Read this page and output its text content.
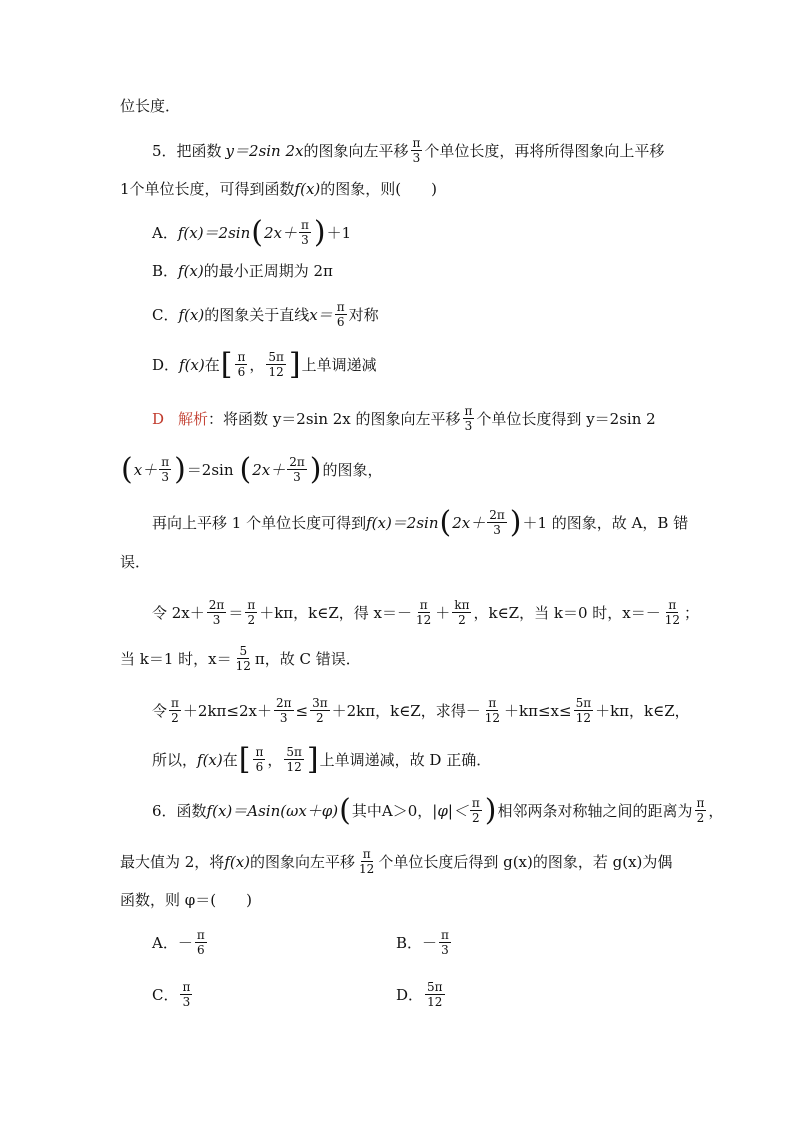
位长度．
5．把函数 y＝2sin 2x 的图象向左平移 $\frac{\pi}{3}$ 个单位长度，再将所得图象向上平移
1个单位长度，可得到函数 f(x) 的图象，则(　　)
A． f(x)＝2sin ( $2x+ \frac{\pi}{3}$ ) ＋1
B． f(x) 的最小正周期为 2π
C． f(x) 的图象关于直线 $x= \frac{\pi}{6}$ 对称
D． f(x) 在 [ $\frac{\pi}{6}$ ， $\frac{5\pi}{12}$ ] 上单调递减
D 解析 ：将函数 y＝2sin 2x 的图象向左平移 $\frac{\pi}{3}$ 个单位长度得到 y＝2sin 2
( $x+ \frac{\pi}{3}$ ) ＝2sin ( $2x+ \frac{2\pi}{3}$ ) 的图象，
再向上平移 1 个单位长度可得到 f(x)＝2sin ( $2x+ \frac{2\pi}{3}$ ) ＋1 的图象，故 A，B 错
误．
令 $2x+ \frac{2\pi}{3} = \frac{\pi}{2} +k\pi$，k∈Z，得 $x=- \frac{\pi}{12} + \frac{k\pi}{2}$ ，k∈Z，当 k＝0 时，$x=- \frac{\pi}{12}$ ；
当 k＝1 时，$x= \frac{5}{12}$ π，故 C 错误．
令 $\frac{\pi}{2} +2k\pi\le 2x+ \frac{2\pi}{3} \le \frac{3\pi}{2} +2k\pi$，k∈Z，求得－ $\frac{\pi}{12} +k\pi\le x\le \frac{5\pi}{12} +k\pi$，k∈Z，
所以， f(x) 在 [ $\frac{\pi}{6}$ ， $\frac{5\pi}{12}$ ] 上单调递减，故 D 正确．
6．函数 f(x)＝Asin(ωx＋φ) ( 其中A＞0， $|\varphi|< \frac{\pi}{2}$ ) 相邻两条对称轴之间的距离为 $\frac{\pi}{2}$ ，
最大值为 2，将 f(x) 的图象向左平移 $\frac{\pi}{12}$ 个单位长度后得到 g(x)的图象，若 g(x)为偶
函数，则 φ＝(　　)
A．－ $\frac{\pi}{6}$	B．－ $\frac{\pi}{3}$
C． $\frac{\pi}{3}$	D． $\frac{5\pi}{12}$
